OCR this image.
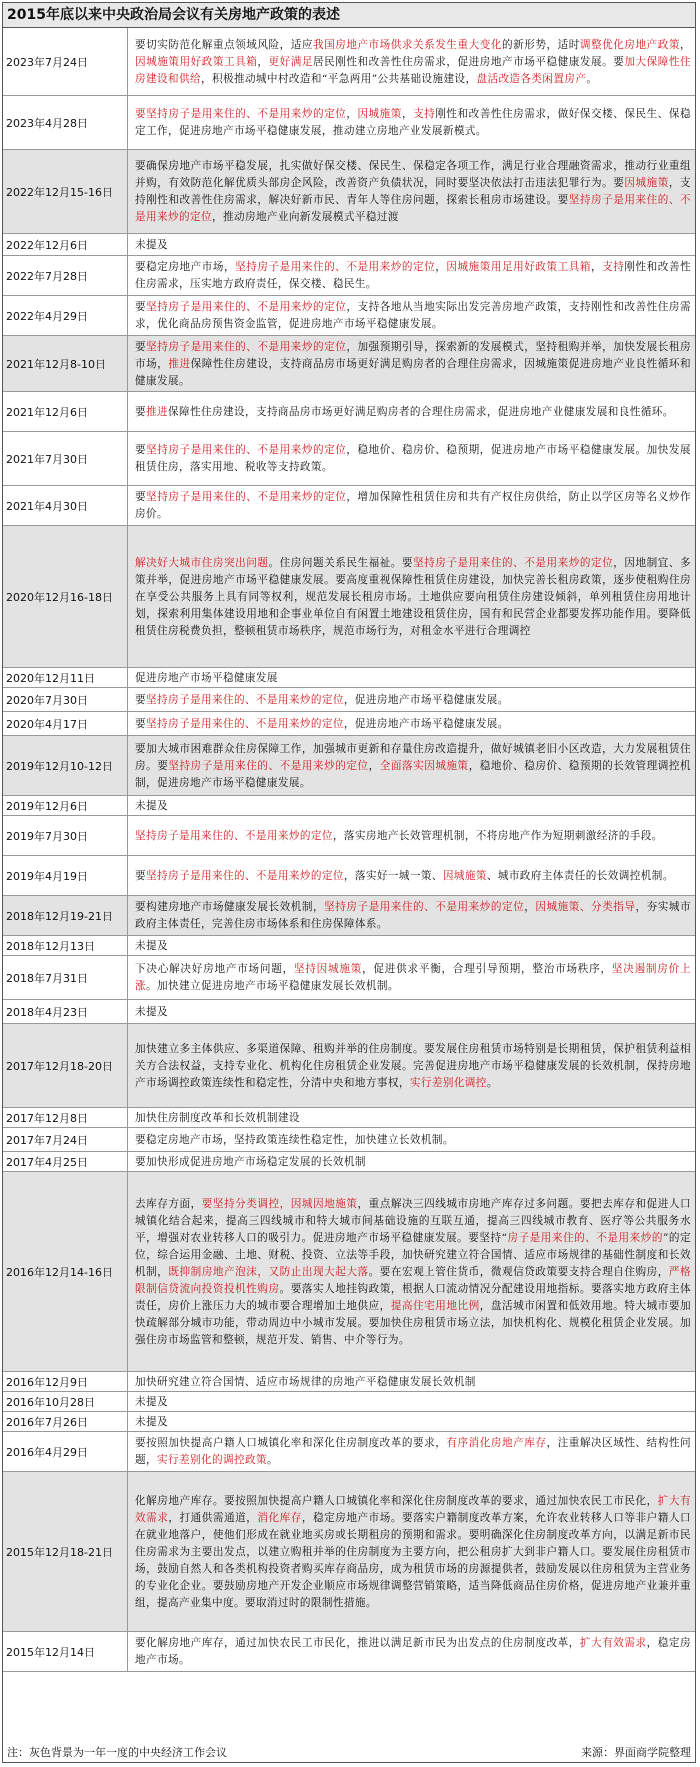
2015年底以来中央政治局会议有关房地产政策的表述
2023年7月24日
要切实防范化解重点领域风险，适应我国房地产市场供求关系发生重大变化的新形势，适时调整优化房地产政策，因城施策用好政策工具箱，更好满足居民刚性和改善性住房需求，促进房地产市场平稳健康发展。要加大保障性住房建设和供给，积极推动城中村改造和“平急两用”公共基础设施建设，盘活改造各类闲置房产。
2023年4月28日
要坚持房子是用来住的、不是用来炒的定位，因城施策，支持刚性和改善性住房需求，做好保交楼、保民生、保稳定工作，促进房地产市场平稳健康发展，推动建立房地产业发展新模式。
2022年12月15-16日
要确保房地产市场平稳发展，扎实做好保交楼、保民生、保稳定各项工作，满足行业合理融资需求，推动行业重组并购，有效防范化解优质头部房企风险，改善资产负债状况，同时要坚决依法打击违法犯罪行为。要因城施策，支持刚性和改善性住房需求，解决好新市民、青年人等住房问题，探索长租房市场建设。要坚持房子是用来住的、不是用来炒的定位，推动房地产业向新发展模式平稳过渡
2022年12月6日	未提及
2022年7月28日
要稳定房地产市场，坚持房子是用来住的、不是用来炒的定位，因城施策用足用好政策工具箱，支持刚性和改善性住房需求，压实地方政府责任，保交楼、稳民生。
2022年4月29日
要坚持房子是用来住的、不是用来炒的定位，支持各地从当地实际出发完善房地产政策，支持刚性和改善性住房需求，优化商品房预售资金监管，促进房地产市场平稳健康发展。
2021年12月8-10日
要坚持房子是用来住的、不是用来炒的定位，加强预期引导，探索新的发展模式，坚持租购并举，加快发展长租房市场，推进保障性住房建设，支持商品房市场更好满足购房者的合理住房需求，因城施策促进房地产业良性循环和健康发展。
2021年12月6日	要推进保障性住房建设，支持商品房市场更好满足购房者的合理住房需求，促进房地产业健康发展和良性循环。
2021年7月30日
要坚持房子是用来住的、不是用来炒的定位，稳地价、稳房价、稳预期，促进房地产市场平稳健康发展。加快发展租赁住房，落实用地、税收等支持政策。
2021年4月30日
要坚持房子是用来住的、不是用来炒的定位，增加保障性租赁住房和共有产权住房供给，防止以学区房等名义炒作房价。
2020年12月16-18日
解决好大城市住房突出问题。住房问题关系民生福祉。要坚持房子是用来住的、不是用来炒的定位，因地制宜、多策并举，促进房地产市场平稳健康发展。要高度重视保障性租赁住房建设，加快完善长租房政策，逐步使租购住房在享受公共服务上具有同等权利，规范发展长租房市场。土地供应要向租赁住房建设倾斜，单列租赁住房用地计划，探索利用集体建设用地和企事业单位自有闲置土地建设租赁住房，国有和民营企业都要发挥功能作用。要降低租赁住房税费负担，整顿租赁市场秩序，规范市场行为，对租金水平进行合理调控
2020年12月11日	促进房地产市场平稳健康发展
2020年7月30日	要坚持房子是用来住的、不是用来炒的定位，促进房地产市场平稳健康发展。
2020年4月17日	要坚持房子是用来住的、不是用来炒的定位，促进房地产市场平稳健康发展。
2019年12月10-12日
要加大城市困难群众住房保障工作，加强城市更新和存量住房改造提升，做好城镇老旧小区改造，大力发展租赁住房。要坚持房子是用来住的、不是用来炒的定位，全面落实因城施策，稳地价、稳房价、稳预期的长效管理调控机制，促进房地产市场平稳健康发展。
2019年12月6日	未提及
2019年7月30日	坚持房子是用来住的、不是用来炒的定位，落实房地产长效管理机制，不将房地产作为短期刺激经济的手段。
2019年4月19日	要坚持房子是用来住的、不是用来炒的定位，落实好一城一策、因城施策、城市政府主体责任的长效调控机制。
2018年12月19-21日
要构建房地产市场健康发展长效机制，坚持房子是用来住的、不是用来炒的定位，因城施策、分类指导，夯实城市政府主体责任，完善住房市场体系和住房保障体系。
2018年12月13日	未提及
2018年7月31日
下决心解决好房地产市场问题，坚持因城施策，促进供求平衡，合理引导预期，整治市场秩序，坚决遏制房价上涨。加快建立促进房地产市场平稳健康发展长效机制。
2018年4月23日	未提及
2017年12月18-20日
加快建立多主体供应、多渠道保障、租购并举的住房制度。要发展住房租赁市场特别是长期租赁，保护租赁利益相关方合法权益，支持专业化、机构化住房租赁企业发展。完善促进房地产市场平稳健康发展的长效机制，保持房地产市场调控政策连续性和稳定性，分清中央和地方事权，实行差别化调控。
2017年12月8日	加快住房制度改革和长效机制建设
2017年7月24日	要稳定房地产市场，坚持政策连续性稳定性，加快建立长效机制。
2017年4月25日	要加快形成促进房地产市场稳定发展的长效机制
2016年12月14-16日
去库存方面，要坚持分类调控，因城因地施策，重点解决三四线城市房地产库存过多问题。要把去库存和促进人口城镇化结合起来，提高三四线城市和特大城市间基础设施的互联互通，提高三四线城市教育、医疗等公共服务水平，增强对农业转移人口的吸引力。促进房地产市场平稳健康发展。要坚持“房子是用来住的、不是用来炒的”的定位，综合运用金融、土地、财税、投资、立法等手段，加快研究建立符合国情、适应市场规律的基础性制度和长效机制，既抑制房地产泡沫，又防止出现大起大落。要在宏观上管住货币，微观信贷政策要支持合理自住购房，严格限制信贷流向投资投机性购房。要落实人地挂钩政策，根据人口流动情况分配建设用地指标。要落实地方政府主体责任，房价上涨压力大的城市要合理增加土地供应，提高住宅用地比例，盘活城市闲置和低效用地。特大城市要加快疏解部分城市功能，带动周边中小城市发展。要加快住房租赁市场立法，加快机构化、规模化租赁企业发展。加强住房市场监管和整顿，规范开发、销售、中介等行为。
2016年12月9日	加快研究建立符合国情、适应市场规律的房地产平稳健康发展长效机制
2016年10月28日	未提及
2016年7月26日	未提及
2016年4月29日
要按照加快提高户籍人口城镇化率和深化住房制度改革的要求，有序消化房地产库存，注重解决区域性、结构性问题，实行差别化的调控政策。
2015年12月18-21日
化解房地产库存。要按照加快提高户籍人口城镇化率和深化住房制度改革的要求，通过加快农民工市民化，扩大有效需求，打通供需通道，消化库存，稳定房地产市场。要落实户籍制度改革方案，允许农业转移人口等非户籍人口在就业地落户，使他们形成在就业地买房或长期租房的预期和需求。要明确深化住房制度改革方向，以满足新市民住房需求为主要出发点，以建立购租并举的住房制度为主要方向，把公租房扩大到非户籍人口。要发展住房租赁市场，鼓励自然人和各类机构投资者购买库存商品房，成为租赁市场的房源提供者，鼓励发展以住房租赁为主营业务的专业化企业。要鼓励房地产开发企业顺应市场规律调整营销策略，适当降低商品住房价格，促进房地产业兼并重组，提高产业集中度。要取消过时的限制性措施。
2015年12月14日
要化解房地产库存，通过加快农民工市民化，推进以满足新市民为出发点的住房制度改革，扩大有效需求，稳定房地产市场。
注：灰色背景为一年一度的中央经济工作会议	来源：界面商学院整理
